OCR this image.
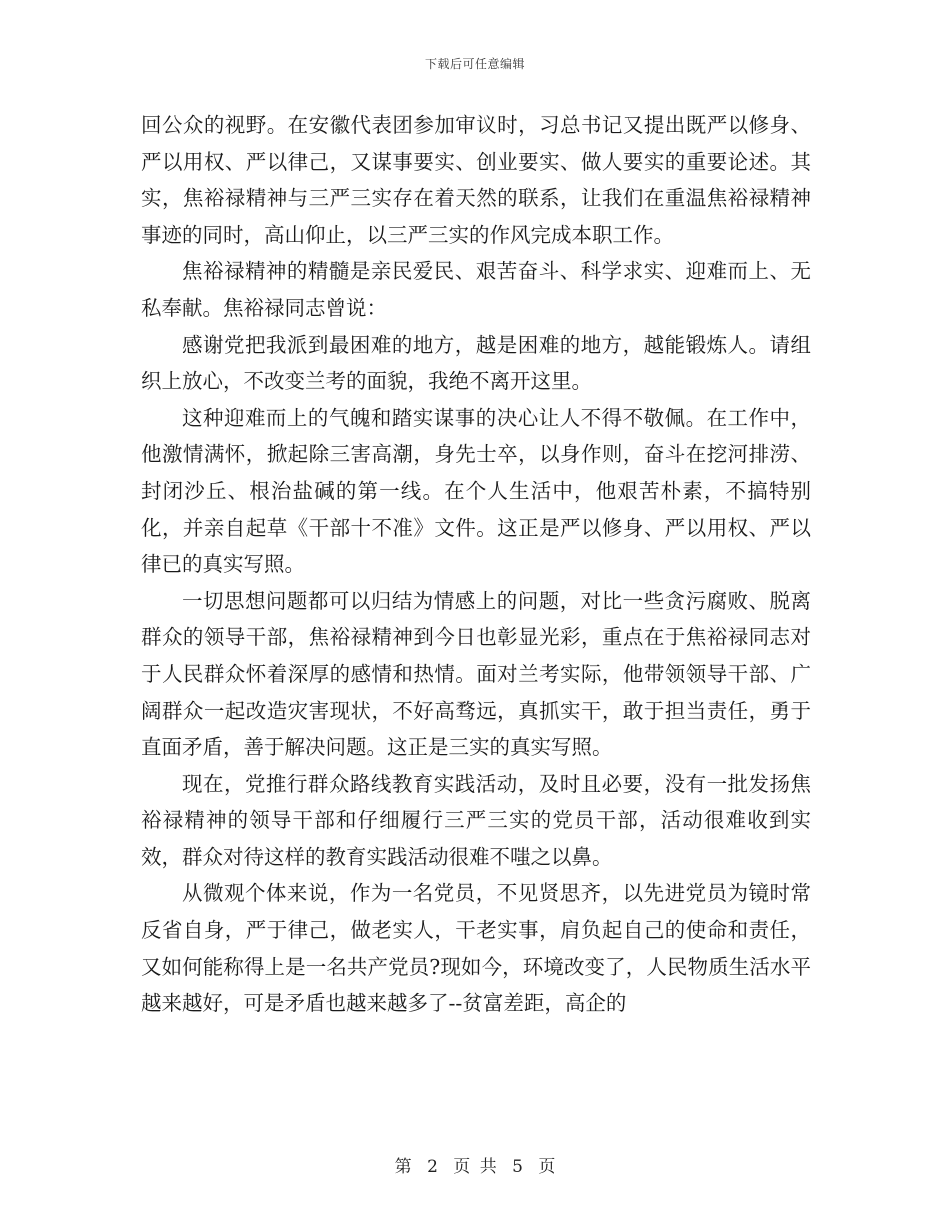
下载后可任意编辑

回公众的视野。在安徽代表团参加审议时，习总书记又提出既严以修身、严以用权、严以律己，又谋事要实、创业要实、做人要实的重要论述。其实，焦裕禄精神与三严三实存在着天然的联系，让我们在重温焦裕禄精神事迹的同时，高山仰止，以三严三实的作风完成本职工作。

焦裕禄精神的精髓是亲民爱民、艰苦奋斗、科学求实、迎难而上、无私奉献。焦裕禄同志曾说：

感谢党把我派到最困难的地方，越是困难的地方，越能锻炼人。请组织上放心，不改变兰考的面貌，我绝不离开这里。

这种迎难而上的气魄和踏实谋事的决心让人不得不敬佩。在工作中，他激情满怀，掀起除三害高潮，身先士卒，以身作则，奋斗在挖河排涝、封闭沙丘、根治盐碱的第一线。在个人生活中，他艰苦朴素，不搞特别化，并亲自起草《干部十不准》文件。这正是严以修身、严以用权、严以律已的真实写照。

一切思想问题都可以归结为情感上的问题，对比一些贪污腐败、脱离群众的领导干部，焦裕禄精神到今日也彰显光彩，重点在于焦裕禄同志对于人民群众怀着深厚的感情和热情。面对兰考实际，他带领领导干部、广阔群众一起改造灾害现状，不好高骛远，真抓实干，敢于担当责任，勇于直面矛盾，善于解决问题。这正是三实的真实写照。

现在，党推行群众路线教育实践活动，及时且必要，没有一批发扬焦裕禄精神的领导干部和仔细履行三严三实的党员干部，活动很难收到实效，群众对待这样的教育实践活动很难不嗤之以鼻。

从微观个体来说，作为一名党员，不见贤思齐，以先进党员为镜时常反省自身，严于律己，做老实人，干老实事，肩负起自己的使命和责任，又如何能称得上是一名共产党员?现如今，环境改变了，人民物质生活水平越来越好，可是矛盾也越来越多了--贫富差距，高企的

第 2 页 共 5 页
